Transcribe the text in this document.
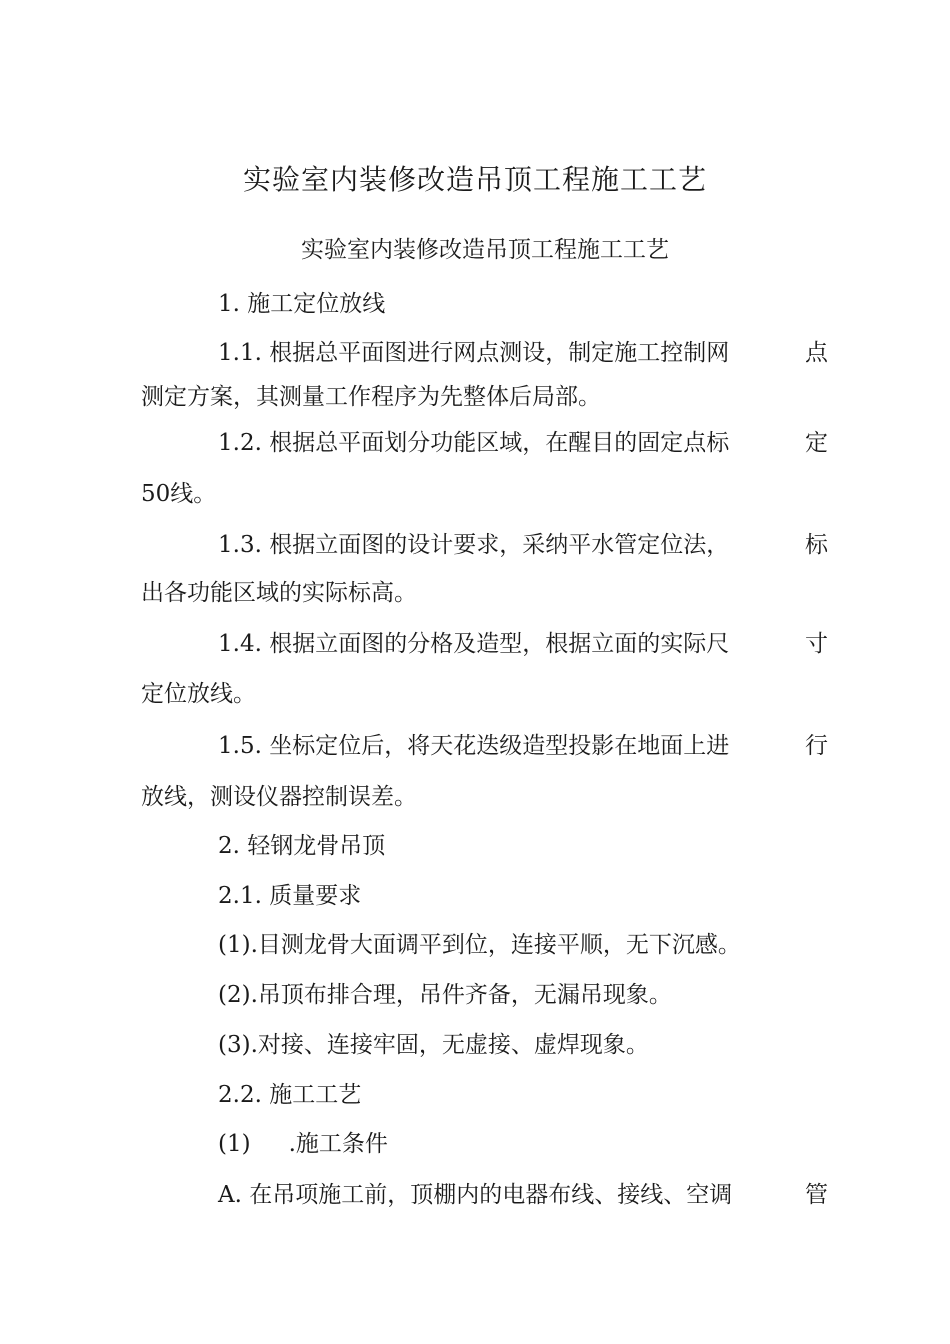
实验室内装修改造吊顶工程施工工艺
实验室内装修改造吊顶工程施工工艺
1. 施工定位放线
1.1. 根据总平面图进行网点测设，制定施工控制网	点
测定方案，其测量工作程序为先整体后局部。
1.2. 根据总平面划分功能区域，在醒目的固定点标	定
50线。
1.3. 根据立面图的设计要求，采纳平水管定位法，	标
出各功能区域的实际标高。
1.4. 根据立面图的分格及造型，根据立面的实际尺	寸
定位放线。
1.5. 坐标定位后，将天花迭级造型投影在地面上进	行
放线，测设仪器控制误差。
2. 轻钢龙骨吊顶
2.1. 质量要求
(1).目测龙骨大面调平到位，连接平顺，无下沉感。
(2).吊顶布排合理，吊件齐备，无漏吊现象。
(3).对接、连接牢固，无虚接、虚焊现象。
2.2. 施工工艺
(1) .施工条件
A. 在吊项施工前，顶棚内的电器布线、接线、空调	管
